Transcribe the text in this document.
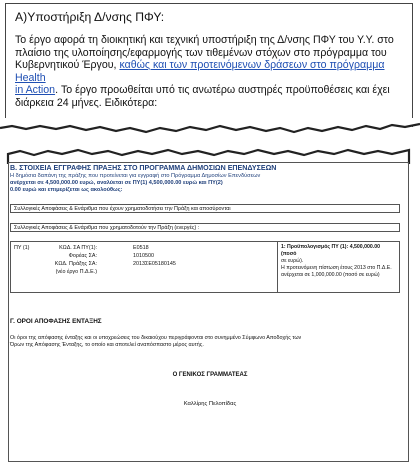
Α)Υποστήριξη Δ/νσης ΠΦΥ:

Το έργο αφορά τη διοικητική και τεχνική υποστήριξη της Δ/νσης ΠΦΥ του Υ.Υ. στο
πλαίσιο της υλοποίησης/εφαρμογής των τιθεμένων στόχων στο πρόγραμμα του
Κυβερνητικού Έργου, καθώς και των προτεινόμενων δράσεων στο πρόγραμμα Health
in Action. Το έργο προωθείται υπό τις ανωτέρω αυστηρές προϋποθέσεις και έχει
διάρκεια 24 μήνες. Ειδικότερα:

Β. ΣΤΟΙΧΕΙΑ ΕΓΓΡΑΦΗΣ ΠΡΑΞΗΣ ΣΤΟ ΠΡΟΓΡΑΜΜΑ ΔΗΜΟΣΙΩΝ ΕΠΕΝΔΥΣΕΩΝ
Η δημόσια δαπάνη της πράξης που προτείνεται για εγγραφή στο Πρόγραμμα Δημοσίων Επενδύσεων
ανέρχεται σε 4,500,000.00 ευρώ, αναλύεται σε ΠΥ(1) 4,500,000.00 ευρώ και ΠΥ(2)
0.00 ευρώ και επιμερίζεται ως ακολούθως:
Συλλογικές Αποφάσεις & Ενάριθμα που έχουν χρηματοδοτήσει την Πράξη και αποσύρονται
Συλλογικές Αποφάσεις & Ενάριθμα που χρηματοδοτούν την Πράξη (ενεργές) :
ΠΥ (1)	ΚΩΔ. ΣΑ ΠΥ(1):	Ε0518
Φορέας ΣΑ:	1010500
ΚΩΔ. Πράξης ΣΑ:	2013ΣΕ05180145
(νέο έργο Π.Δ.Ε.)
1: Προϋπολογισμός ΠΥ (1): 4,500,000.00 (ποσό
σε ευρώ).
Η προτεινόμενη πίστωση έτους 2013 στο Π.Δ.Ε.
ανέρχεται σε 1,000,000.00 (ποσό σε ευρώ)
Γ. ΟΡΟΙ ΑΠΟΦΑΣΗΣ ΕΝΤΑΞΗΣ
Οι όροι της απόφασης ένταξης και οι υποχρεώσεις του δικαιούχου περιγράφονται στο συνημμένο Σύμφωνο Αποδοχής των
Όρων της Απόφασης Ένταξης, το οποίο και αποτελεί αναπόσπαστο μέρος αυτής.
Ο ΓΕΝΙΚΟΣ ΓΡΑΜΜΑΤΕΑΣ
Καλλίρης Πελοπίδας
